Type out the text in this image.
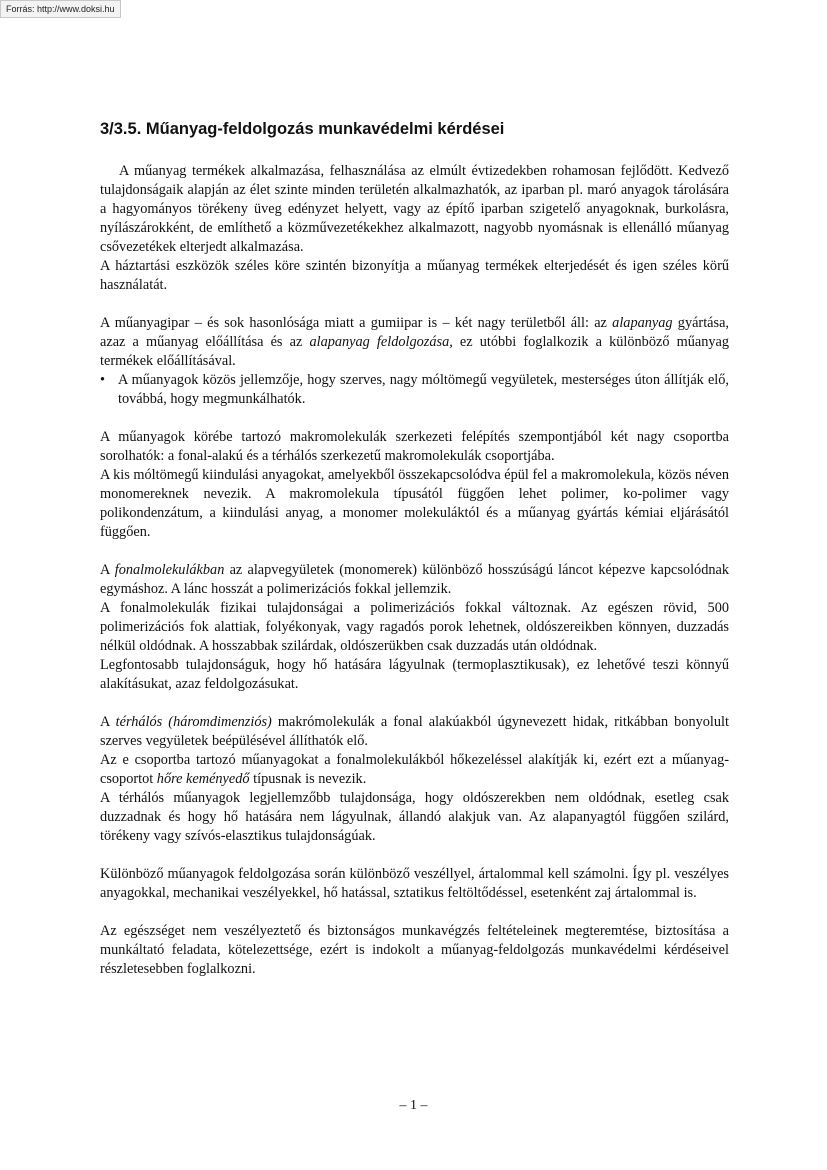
Forrás: http://www.doksi.hu
3/3.5. Műanyag-feldolgozás munkavédelmi kérdései

A műanyag termékek alkalmazása, felhasználása az elmúlt évtizedekben rohamosan fejlődött. Kedvező tulajdonságaik alapján az élet szinte minden területén alkalmazhatók, az iparban pl. maró anyagok tárolására a hagyományos törékeny üveg edényzet helyett, vagy az építő iparban szigetelő anyagoknak, burkolásra, nyílászárokként, de említhető a közművezetékekhez alkalmazott, nagyobb nyomásnak is ellenálló műanyag csővezetékek elterjedt alkalmazása.

A háztartási eszközök széles köre szintén bizonyítja a műanyag termékek elterjedését és igen széles körű használatát.

A műanyagipar – és sok hasonlósága miatt a gumiipar is – két nagy területből áll: az alapanyag gyártása, azaz a műanyag előállítása és az alapanyag feldolgozása, ez utóbbi foglalkozik a különböző műanyag termékek előállításával.

• A műanyagok közös jellemzője, hogy szerves, nagy móltömegű vegyületek, mesterséges úton állítják elő, továbbá, hogy megmunkálhatók.

A műanyagok körébe tartozó makromolekulák szerkezeti felépítés szempontjából két nagy csoportba sorolhatók: a fonal-alakú és a térhálós szerkezetű makromolekulák csoportjába.

A kis móltömegű kiindulási anyagokat, amelyekből összekapcsolódva épül fel a makromolekula, közös néven monomereknek nevezik. A makromolekula típusától függően lehet polimer, ko-polimer vagy polikondenzátum, a kiindulási anyag, a monomer molekuláktól és a műanyag gyártás kémiai eljárásától függően.

A fonalmolekulákban az alapvegyületek (monomerek) különböző hosszúságú láncot képezve kapcsolódnak egymáshoz. A lánc hosszát a polimerizációs fokkal jellemzik.

A fonalmolekulák fizikai tulajdonságai a polimerizációs fokkal változnak. Az egészen rövid, 500 polimerizációs fok alattiak, folyékonyak, vagy ragadós porok lehetnek, oldószereikben könnyen, duzzadás nélkül oldódnak. A hosszabbak szilárdak, oldószerükben csak duzzadás után oldódnak.

Legfontosabb tulajdonságuk, hogy hő hatására lágyulnak (termoplasztikusak), ez lehetővé teszi könnyű alakításukat, azaz feldolgozásukat.

A térhálós (háromdimenziós) makrómolekulák a fonal alakúakból úgynevezett hidak, ritkábban bonyolult szerves vegyületek beépülésével állíthatók elő.

Az e csoportba tartozó műanyagokat a fonalmolekulákból hőkezeléssel alakítják ki, ezért ezt a műanyag-csoportot hőre keményedő típusnak is nevezik.

A térhálós műanyagok legjellemzőbb tulajdonsága, hogy oldószerekben nem oldódnak, esetleg csak duzzadnak és hogy hő hatására nem lágyulnak, állandó alakjuk van. Az alapanyagtól függően szilárd, törékeny vagy szívós-elasztikus tulajdonságúak.

Különböző műanyagok feldolgozása során különböző veszéllyel, ártalommal kell számolni. Így pl. veszélyes anyagokkal, mechanikai veszélyekkel, hő hatással, sztatikus feltöltődéssel, esetenként zaj ártalommal is.

Az egészséget nem veszélyeztető és biztonságos munkavégzés feltételeinek megteremtése, biztosítása a munkáltató feladata, kötelezettsége, ezért is indokolt a műanyag-feldolgozás munkavédelmi kérdéseivel részletesebben foglalkozni.

– 1 –
